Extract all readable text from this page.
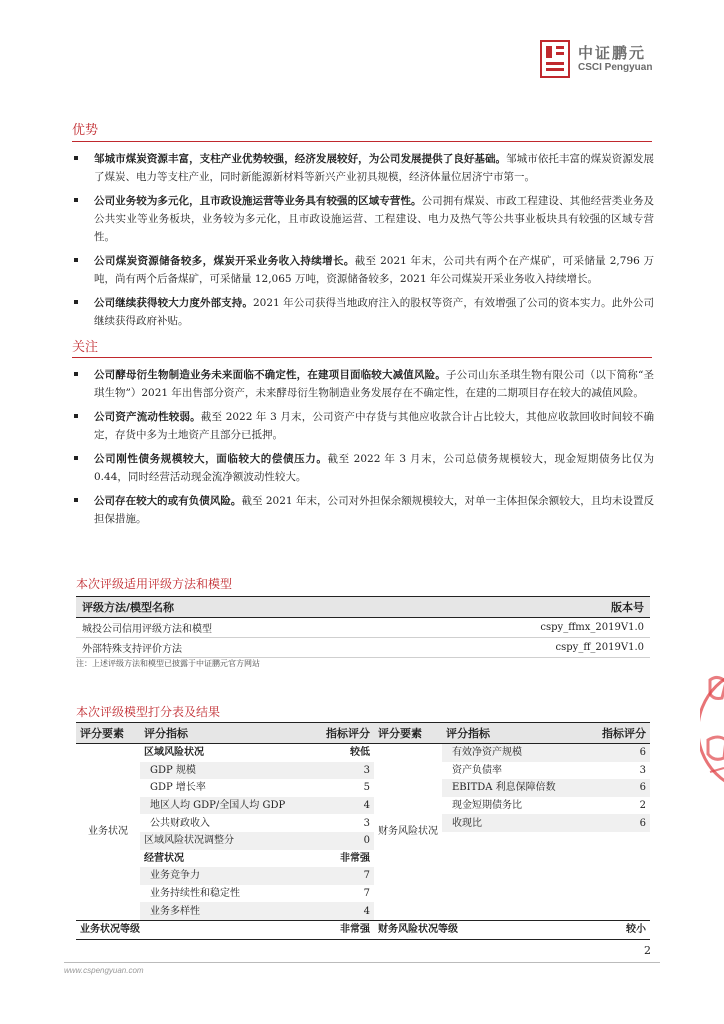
中证鹏元
CSCI Pengyuan
优势
邹城市煤炭资源丰富，支柱产业优势较强，经济发展较好，为公司发展提供了良好基础。邹城市依托丰富的煤炭资源发展了煤炭、电力等支柱产业，同时新能源新材料等新兴产业初具规模，经济体量位居济宁市第一。
公司业务较为多元化，且市政设施运营等业务具有较强的区域专营性。公司拥有煤炭、市政工程建设、其他经营类业务及公共实业等业务板块，业务较为多元化，且市政设施运营、工程建设、电力及热气等公共事业板块具有较强的区域专营性。
公司煤炭资源储备较多，煤炭开采业务收入持续增长。截至 2021 年末，公司共有两个在产煤矿，可采储量 2,796 万吨，尚有两个后备煤矿，可采储量 12,065 万吨，资源储备较多，2021 年公司煤炭开采业务收入持续增长。
公司继续获得较大力度外部支持。2021 年公司获得当地政府注入的股权等资产，有效增强了公司的资本实力。此外公司继续获得政府补贴。
关注
公司酵母衍生物制造业务未来面临不确定性，在建项目面临较大减值风险。子公司山东圣琪生物有限公司（以下简称“圣琪生物”）2021 年出售部分资产，未来酵母衍生物制造业务发展存在不确定性，在建的二期项目存在较大的减值风险。
公司资产流动性较弱。截至 2022 年 3 月末，公司资产中存货与其他应收款合计占比较大，其他应收款回收时间较不确定，存货中多为土地资产且部分已抵押。
公司刚性债务规模较大，面临较大的偿债压力。截至 2022 年 3 月末，公司总债务规模较大，现金短期债务比仅为 0.44，同时经营活动现金流净额波动性较大。
公司存在较大的或有负债风险。截至 2021 年末，公司对外担保余额规模较大，对单一主体担保余额较大，且均未设置反担保措施。
本次评级适用评级方法和模型
评级方法/模型名称	版本号
城投公司信用评级方法和模型	cspy_ffmx_2019V1.0
外部特殊支持评价方法	cspy_ff_2019V1.0
注：上述评级方法和模型已披露于中证鹏元官方网站
本次评级模型打分表及结果
评分要素	评分指标	指标评分	评分要素	评分指标	指标评分
业务状况	区域风险状况	较低	财务风险状况	有效净资产规模	6
	GDP 规模	3		资产负债率	3
	GDP 增长率	5		EBITDA 利息保障倍数	6
	地区人均 GDP/全国人均 GDP	4		现金短期债务比	2
	公共财政收入	3		收现比	6
	区域风险状况调整分	0			
	经营状况	非常强			
	业务竞争力	7			
	业务持续性和稳定性	7			
	业务多样性	4			
业务状况等级		非常强	财务风险状况等级		较小
2
www.cspengyuan.com
